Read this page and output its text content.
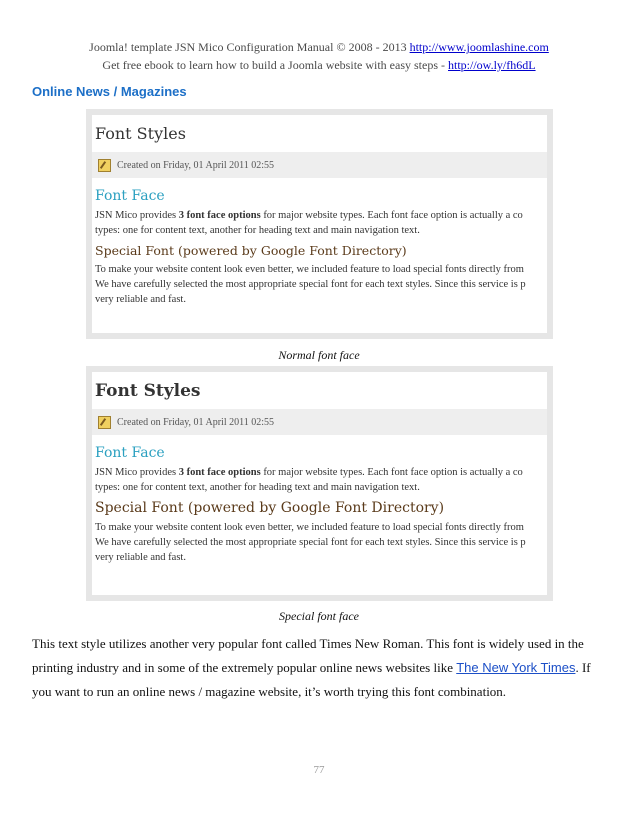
Joomla! template JSN Mico Configuration Manual © 2008 - 2013 http://www.joomlashine.com
Get free ebook to learn how to build a Joomla website with easy steps - http://ow.ly/fh6dL
Online News / Magazines
Font Styles
Created on Friday, 01 April 2011 02:55
Font Face
JSN Mico provides 3 font face options for major website types. Each font face option is actually a co
types: one for content text, another for heading text and main navigation text.
Special Font (powered by Google Font Directory)
To make your website content look even better, we included feature to load special fonts directly from
We have carefully selected the most appropriate special font for each text styles. Since this service is p
very reliable and fast.
Normal font face
Font Styles
Created on Friday, 01 April 2011 02:55
Font Face
JSN Mico provides 3 font face options for major website types. Each font face option is actually a co
types: one for content text, another for heading text and main navigation text.
Special Font (powered by Google Font Directory)
To make your website content look even better, we included feature to load special fonts directly from
We have carefully selected the most appropriate special font for each text styles. Since this service is p
very reliable and fast.
Special font face
This text style utilizes another very popular font called Times New Roman. This font is widely used in the printing industry and in some of the extremely popular online news websites like The New York Times. If you want to run an online news / magazine website, it’s worth trying this font combination.
77
